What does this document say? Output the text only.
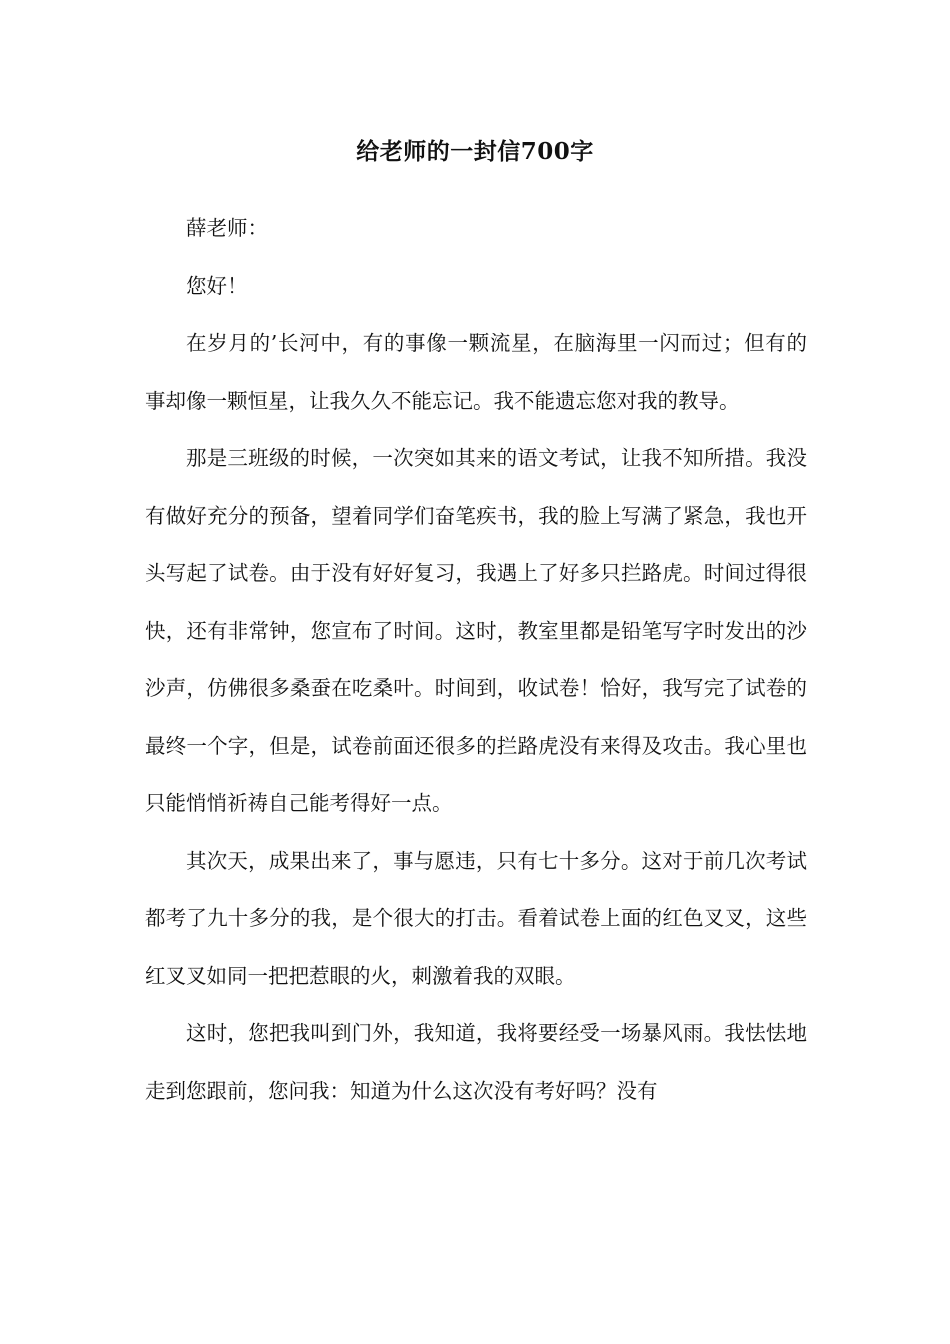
给老师的一封信700字

薛老师：

您好！

在岁月的’长河中，有的事像一颗流星，在脑海里一闪而过；但有的事却像一颗恒星，让我久久不能忘记。我不能遗忘您对我的教导。

那是三班级的时候，一次突如其来的语文考试，让我不知所措。我没有做好充分的预备，望着同学们奋笔疾书，我的脸上写满了紧急，我也开头写起了试卷。由于没有好好复习，我遇上了好多只拦路虎。时间过得很快，还有非常钟，您宣布了时间。这时，教室里都是铅笔写字时发出的沙沙声，仿佛很多桑蚕在吃桑叶。时间到，收试卷！恰好，我写完了试卷的最终一个字，但是，试卷前面还很多的拦路虎没有来得及攻击。我心里也只能悄悄祈祷自己能考得好一点。

其次天，成果出来了，事与愿违，只有七十多分。这对于前几次考试都考了九十多分的我，是个很大的打击。看着试卷上面的红色叉叉，这些红叉叉如同一把把惹眼的火，刺激着我的双眼。

这时，您把我叫到门外，我知道，我将要经受一场暴风雨。我怯怯地走到您跟前，您问我：知道为什么这次没有考好吗？没有
